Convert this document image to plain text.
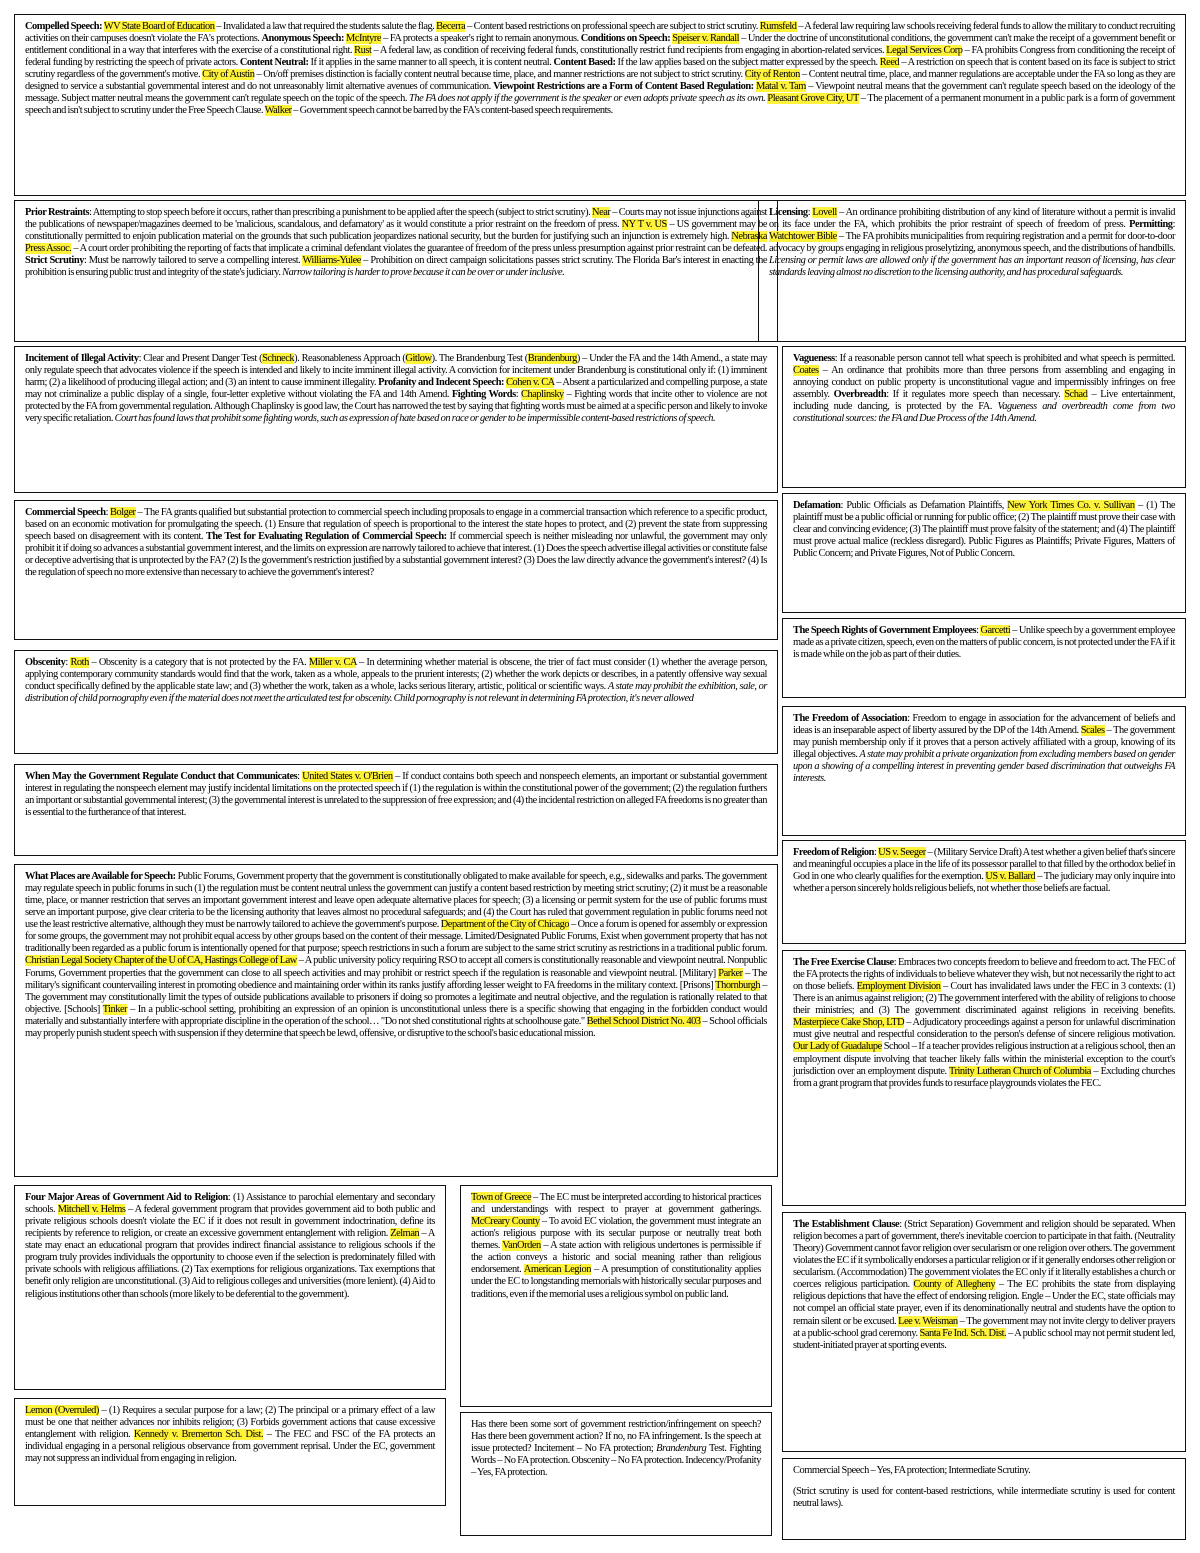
Compelled Speech: WV State Board of Education – Invalidated a law that required the students salute the flag. Becerra – Content based restrictions on professional speech are subject to strict scrutiny. Rumsfeld – A federal law requiring law schools receiving federal funds to allow the military to conduct recruiting activities on their campuses doesn't violate the FA's protections. Anonymous Speech: McIntyre – FA protects a speaker's right to remain anonymous. Conditions on Speech: Speiser v. Randall – Under the doctrine of unconstitutional conditions, the government can't make the receipt of a government benefit or entitlement conditional in a way that interferes with the exercise of a constitutional right. Rust – A federal law, as condition of receiving federal funds, constitutionally restrict fund recipients from engaging in abortion-related services. Legal Services Corp – FA prohibits Congress from conditioning the receipt of federal funding by restricting the speech of private actors. Content Neutral: If it applies in the same manner to all speech, it is content neutral. Content Based: If the law applies based on the subject matter expressed by the speech. Reed – A restriction on speech that is content based on its face is subject to strict scrutiny regardless of the government's motive. City of Austin – On/off premises distinction is facially content neutral because time, place, and manner restrictions are not subject to strict scrutiny. City of Renton – Content neutral time, place, and manner regulations are acceptable under the FA so long as they are designed to service a substantial governmental interest and do not unreasonably limit alternative avenues of communication. Viewpoint Restrictions are a Form of Content Based Regulation: Matal v. Tam – Viewpoint neutral means that the government can't regulate speech based on the ideology of the message. Subject matter neutral means the government can't regulate speech on the topic of the speech. The FA does not apply if the government is the speaker or even adopts private speech as its own. Pleasant Grove City, UT – The placement of a permanent monument in a public park is a form of government speech and isn't subject to scrutiny under the Free Speech Clause. Walker – Government speech cannot be barred by the FA's content-based speech requirements.

Prior Restraints: Attempting to stop speech before it occurs, rather than prescribing a punishment to be applied after the speech (subject to strict scrutiny). Near – Courts may not issue injunctions against the publications of newspaper/magazines deemed to be 'malicious, scandalous, and defamatory' as it would constitute a prior restraint on the freedom of press. NY T v. US – US government may be constitutionally permitted to enjoin publication material on the grounds that such publication jeopardizes national security, but the burden for justifying such an injunction is extremely high. Nebraska Press Assoc. – A court order prohibiting the reporting of facts that implicate a criminal defendant violates the guarantee of freedom of the press unless presumption against prior restraint can be defeated. Strict Scrutiny: Must be narrowly tailored to serve a compelling interest. Williams-Yulee – Prohibition on direct campaign solicitations passes strict scrutiny. The Florida Bar's interest in enacting the prohibition is ensuring public trust and integrity of the state's judiciary. Narrow tailoring is harder to prove because it can be over or under inclusive.

Licensing: Lovell – An ordinance prohibiting distribution of any kind of literature without a permit is invalid on its face under the FA, which prohibits the prior restraint of speech of freedom of press. Permitting: Watchtower Bible – The FA prohibits municipalities from requiring registration and a permit for door-to-door advocacy by groups engaging in religious proselytizing, anonymous speech, and the distributions of handbills. Licensing or permit laws are allowed only if the government has an important reason of licensing, has clear standards leaving almost no discretion to the licensing authority, and has procedural safeguards.

Incitement of Illegal Activity: Clear and Present Danger Test (Schneck). Reasonableness Approach (Gitlow). The Brandenburg Test (Brandenburg) – Under the FA and the 14th Amend., a state may only regulate speech that advocates violence if the speech is intended and likely to incite imminent illegal activity. A conviction for incitement under Brandenburg is constitutional only if: (1) imminent harm; (2) a likelihood of producing illegal action; and (3) an intent to cause imminent illegality. Profanity and Indecent Speech: Cohen v. CA – Absent a particularized and compelling purpose, a state may not criminalize a public display of a single, four-letter expletive without violating the FA and 14th Amend. Fighting Words: Chaplinsky – Fighting words that incite other to violence are not protected by the FA from governmental regulation. Although Chaplinsky is good law, the Court has narrowed the test by saying that fighting words must be aimed at a specific person and likely to invoke very specific retaliation. Court has found laws that prohibit some fighting words, such as expression of hate based on race or gender to be impermissible content-based restrictions of speech.

Vagueness: If a reasonable person cannot tell what speech is prohibited and what speech is permitted. Coates – An ordinance that prohibits more than three persons from assembling and engaging in annoying conduct on public property is unconstitutional vague and impermissibly infringes on free assembly. Overbreadth: If it regulates more speech than necessary. Schad – Live entertainment, including nude dancing, is protected by the FA. Vagueness and overbreadth come from two constitutional sources: the FA and Due Process of the 14th Amend.

Commercial Speech: Bolger – The FA grants qualified but substantial protection to commercial speech including proposals to engage in a commercial transaction which reference to a specific product, based on an economic motivation for promulgating the speech. (1) Ensure that regulation of speech is proportional to the interest the state hopes to protect, and (2) prevent the state from suppressing speech based on disagreement with its content. The Test for Evaluating Regulation of Commercial Speech: If commercial speech is neither misleading nor unlawful, the government may only prohibit it if doing so advances a substantial government interest, and the limits on expression are narrowly tailored to achieve that interest. (1) Does the speech advertise illegal activities or constitute false or deceptive advertising that is unprotected by the FA? (2) Is the government's restriction justified by a substantial government interest? (3) Does the law directly advance the government's interest? (4) Is the regulation of speech no more extensive than necessary to achieve the government's interest?

Defamation: Public Officials as Defamation Plaintiffs, New York Times Co. v. Sullivan – (1) The plaintiff must be a public official or running for public office; (2) The plaintiff must prove their case with clear and convincing evidence; (3) The plaintiff must prove falsity of the statement; and (4) The plaintiff must prove actual malice (reckless disregard). Public Figures as Plaintiffs; Private Figures, Matters of Public Concern; and Private Figures, Not of Public Concern.

The Speech Rights of Government Employees: Garcetti – Unlike speech by a government employee made as a private citizen, speech, even on the matters of public concern, is not protected under the FA if it is made while on the job as part of their duties.

Obscenity: Roth – Obscenity is a category that is not protected by the FA. Miller v. CA – In determining whether material is obscene, the trier of fact must consider (1) whether the average person, applying contemporary community standards would find that the work, taken as a whole, appeals to the prurient interests; (2) whether the work depicts or describes, in a patently offensive way sexual conduct specifically defined by the applicable state law; and (3) whether the work, taken as a whole, lacks serious literary, artistic, political or scientific ways. A state may prohibit the exhibition, sale, or distribution of child pornography even if the material does not meet the articulated test for obscenity. Child pornography is not relevant in determining FA protection, it's never allowed

The Freedom of Association: Freedom to engage in association for the advancement of beliefs and ideas is an inseparable aspect of liberty assured by the DP of the 14th Amend. Scales – The government may punish membership only if it proves that a person actively affiliated with a group, knowing of its illegal objectives. A state may prohibit a private organization from excluding members based on gender upon a showing of a compelling interest in preventing gender based discrimination that outweighs FA interests.

When May the Government Regulate Conduct that Communicates: United States v. O'Brien – If conduct contains both speech and nonspeech elements, an important or substantial government interest in regulating the nonspeech element may justify incidental limitations on the protected speech if (1) the regulation is within the constitutional power of the government; (2) the regulation furthers an important or substantial governmental interest; (3) the governmental interest is unrelated to the suppression of free expression; and (4) the incidental restriction on alleged FA freedoms is no greater than is essential to the furtherance of that interest.

Freedom of Religion: US v. Seeger – (Military Service Draft) A test whether a given belief that's sincere and meaningful occupies a place in the life of its possessor parallel to that filled by the orthodox belief in God in one who clearly qualifies for the exemption. US v. Ballard – The judiciary may only inquire into whether a person sincerely holds religious beliefs, not whether those beliefs are factual.

What Places are Available for Speech: Public Forums, Government property that the government is constitutionally obligated to make available for speech, e.g., sidewalks and parks. The government may regulate speech in public forums in such (1) the regulation must be content neutral unless the government can justify a content based restriction by meeting strict scrutiny; (2) it must be a reasonable time, place, or manner restriction that serves an important government interest and leave open adequate alternative places for speech; (3) a licensing or permit system for the use of public forums must serve an important purpose, give clear criteria to be the licensing authority that leaves almost no procedural safeguards; and (4) the Court has ruled that government regulation in public forums need not use the least restrictive alternative, although they must be narrowly tailored to achieve the government's purpose. Department of the City of Chicago – Once a forum is opened for assembly or expression for some groups, the government may not prohibit equal access by other groups based on the content of their message. Limited/Designated Public Forums, Exist when government property that has not traditionally been regarded as a public forum is intentionally opened for that purpose; speech restrictions in such a forum are subject to the same strict scrutiny as restrictions in a traditional public forum. Christian Legal Society Chapter of the U of CA, Hastings College of Law – A public university policy requiring RSO to accept all comers is constitutionally reasonable and viewpoint neutral. Nonpublic Forums, Government properties that the government can close to all speech activities and may prohibit or restrict speech if the regulation is reasonable and viewpoint neutral. [Military] Parker – The military's significant countervailing interest in promoting obedience and maintaining order within its ranks justify affording lesser weight to FA freedoms in the military context. [Prisons] Thornburgh – The government may constitutionally limit the types of outside publications available to prisoners if doing so promotes a legitimate and neutral objective, and the regulation is rationally related to that objective. [Schools] Tinker – In a public-school setting, prohibiting an expression of an opinion is unconstitutional unless there is a specific showing that engaging in the forbidden conduct would materially and substantially interfere with appropriate discipline in the operation of the school… "Do not shed constitutional rights at schoolhouse gate." Bethel School District No. 403 – School officials may properly punish student speech with suspension if they determine that speech be lewd, offensive, or disruptive to the school's basic educational mission.

The Free Exercise Clause: Embraces two concepts freedom to believe and freedom to act. The FEC of the FA protects the rights of individuals to believe whatever they wish, but not necessarily the right to act on those beliefs. Employment Division – Court has invalidated laws under the FEC in 3 contexts: (1) There is an animus against religion; (2) The government interfered with the ability of religions to choose their ministries; and (3) The government discriminated against religions in receiving benefits. Masterpiece Cake Shop, LTD – Adjudicatory proceedings against a person for unlawful discrimination must give neutral and respectful consideration to the person's defense of sincere religious motivation. Our Lady of Guadalupe School – If a teacher provides religious instruction at a religious school, then an employment dispute involving that teacher likely falls within the ministerial exception to the court's jurisdiction over an employment dispute. Trinity Lutheran Church of Columbia – Excluding churches from a grant program that provides funds to resurface playgrounds violates the FEC.

Four Major Areas of Government Aid to Religion: (1) Assistance to parochial elementary and secondary schools. Mitchell v. Helms – A federal government program that provides government aid to both public and private religious schools doesn't violate the EC if it does not result in government indoctrination, define its recipients by reference to religion, or create an excessive government entanglement with religion. Zelman – A state may enact an educational program that provides indirect financial assistance to religious schools if the program truly provides individuals the opportunity to choose even if the selection is predominately filled with private schools with religious affiliations. (2) Tax exemptions for religious organizations. Tax exemptions that benefit only religion are unconstitutional. (3) Aid to religious colleges and universities (more lenient). (4) Aid to religious institutions other than schools (more likely to be deferential to the government).

Town of Greece – The EC must be interpreted according to historical practices and understandings with respect to prayer at government gatherings. McCreary County – To avoid EC violation, the government must integrate an action's religious purpose with its secular purpose or neutrally treat both themes. VanOrden – A state action with religious undertones is permissible if the action conveys a historic and social meaning rather than religious endorsement. American Legion – A presumption of constitutionality applies under the EC to longstanding memorials with historically secular purposes and traditions, even if the memorial uses a religious symbol on public land.

The Establishment Clause: (Strict Separation) Government and religion should be separated. When religion becomes a part of government, there's inevitable coercion to participate in that faith. (Neutrality Theory) Government cannot favor religion over secularism or one religion over others. The government violates the EC if it symbolically endorses a particular religion or if it generally endorses other religion or secularism. (Accommodation) The government violates the EC only if it literally establishes a church or coerces religious participation. County of Allegheny – The EC prohibits the state from displaying religious depictions that have the effect of endorsing religion. Engle – Under the EC, state officials may not compel an official state prayer, even if its denominationally neutral and students have the option to remain silent or be excused. Lee v. Weisman – The government may not invite clergy to deliver prayers at a public-school grad ceremony. Santa Fe Ind. Sch. Dist. – A public school may not permit student led, student-initiated prayer at sporting events.

Lemon (Overruled) – (1) Requires a secular purpose for a law; (2) The principal or a primary effect of a law must be one that neither advances nor inhibits religion; (3) Forbids government actions that cause excessive entanglement with religion. Kennedy v. Bremerton Sch. Dist. – The FEC and FSC of the FA protects an individual engaging in a personal religious observance from government reprisal. Under the EC, government may not suppress an individual from engaging in religion.

Has there been some sort of government restriction/infringement on speech? Has there been government action? If no, no FA infringement. Is the speech at issue protected? Incitement – No FA protection; Brandenburg Test. Fighting Words – No FA protection. Obscenity – No FA protection. Indecency/Profanity – Yes, FA protection.	Commercial Speech – Yes, FA protection; Intermediate Scrutiny.

(Strict scrutiny is used for content-based restrictions, while intermediate scrutiny is used for content neutral laws).
